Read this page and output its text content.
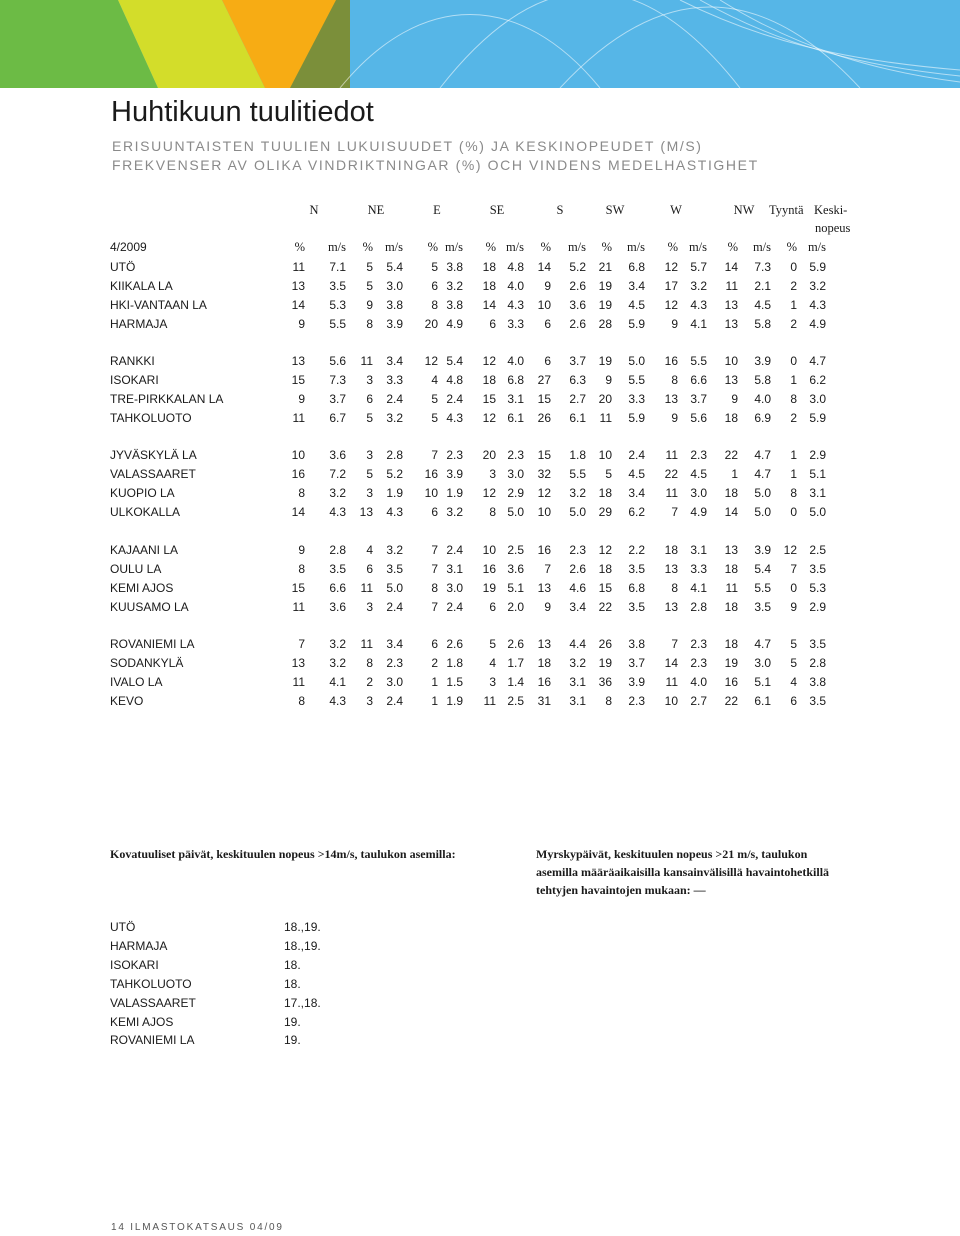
Huhtikuun tuulitiedot
ERISUUNTAISTEN TUULIEN LUKUISUUDET (%) JA KESKINOPEUDET (M/S)
FREKVENSER AV OLIKA VINDRIKTNINGAR (%) OCH VINDENS MEDELHASTIGHET
4/2009
N	NE	E	SE	S	SW	W	NW	Tyyntä Keski-
nopeus
%	m/s	% m/s	% m/s	% m/s	%	m/s	%	m/s	% m/s	%	m/s	% m/s
UTÖ	11	7.1	5	5.4	5 3.8	18 4.8	14	5.2	21	6.8	12	5.7	14	7.3	0	5.9
KIIKALA LA	13	3.5	5	3.0	6 3.2	18 4.0	9	2.6	19	3.4	17	3.2	11	2.1	2	3.2
HKI-VANTAAN LA	14	5.3	9	3.8	8 3.8	14 4.3	10	3.6	19	4.5	12	4.3	13	4.5	1	4.3
HARMAJA	9	5.5	8	3.9	20 4.9	6 3.3	6	2.6	28	5.9	9	4.1	13	5.8	2	4.9
RANKKI	13	5.6	11	3.4	12 5.4	12 4.0	6	3.7	19	5.0	16	5.5	10	3.9	0	4.7
ISOKARI	15	7.3	3	3.3	4 4.8	18 6.8	27	6.3	9	5.5	8	6.6	13	5.8	1	6.2
TRE-PIRKKALAN LA	9	3.7	6	2.4	5 2.4	15 3.1	15	2.7	20	3.3	13	3.7	9	4.0	8	3.0
TAHKOLUOTO	11	6.7	5	3.2	5 4.3	12 6.1	26	6.1	11	5.9	9	5.6	18	6.9	2	5.9
JYVÄSKYLÄ LA	10	3.6	3	2.8	7 2.3	20 2.3	15	1.8	10	2.4	11	2.3	22	4.7	1	2.9
VALASSAARET	16	7.2	5	5.2	16 3.9	3 3.0	32	5.5	5	4.5	22	4.5	1	4.7	1	5.1
KUOPIO LA	8	3.2	3	1.9	10 1.9	12 2.9	12	3.2	18	3.4	11	3.0	18	5.0	8	3.1
ULKOKALLA	14	4.3	13	4.3	6 3.2	8 5.0	10	5.0	29	6.2	7	4.9	14	5.0	0	5.0
KAJAANI LA	9	2.8	4	3.2	7 2.4	10 2.5	16	2.3	12	2.2	18	3.1	13	3.9	12	2.5
OULU LA	8	3.5	6	3.5	7 3.1	16 3.6	7	2.6	18	3.5	13	3.3	18	5.4	7	3.5
KEMI AJOS	15	6.6	11	5.0	8 3.0	19 5.1	13	4.6	15	6.8	8	4.1	11	5.5	0	5.3
KUUSAMO LA	11	3.6	3	2.4	7 2.4	6 2.0	9	3.4	22	3.5	13	2.8	18	3.5	9	2.9
ROVANIEMI LA	7	3.2	11	3.4	6 2.6	5 2.6	13	4.4	26	3.8	7	2.3	18	4.7	5	3.5
SODANKYLÄ	13	3.2	8	2.3	2 1.8	4 1.7	18	3.2	19	3.7	14	2.3	19	3.0	5	2.8
IVALO LA	11	4.1	2	3.0	1 1.5	3 1.4	16	3.1	36	3.9	11	4.0	16	5.1	4	3.8
KEVO	8	4.3	3	2.4	1 1.9	11 2.5	31	3.1	8	2.3	10	2.7	22	6.1	6	3.5
Kovatuuliset päivät, keskituulen nopeus >14m/s, taulukon asemilla:	Myrskypäivät, keskituulen nopeus >21 m/s, taulukon
asemilla määräaikaisilla kansainvälisillä havaintohetkillä
tehtyjen havaintojen mukaan: —
UTÖ	18.,19.
HARMAJA	18.,19.
ISOKARI	18.
TAHKOLUOTO	18.
VALASSAARET	17.,18.
KEMI AJOS	19.
ROVANIEMI LA	19.
14 ILMASTOKATSAUS 04/09
